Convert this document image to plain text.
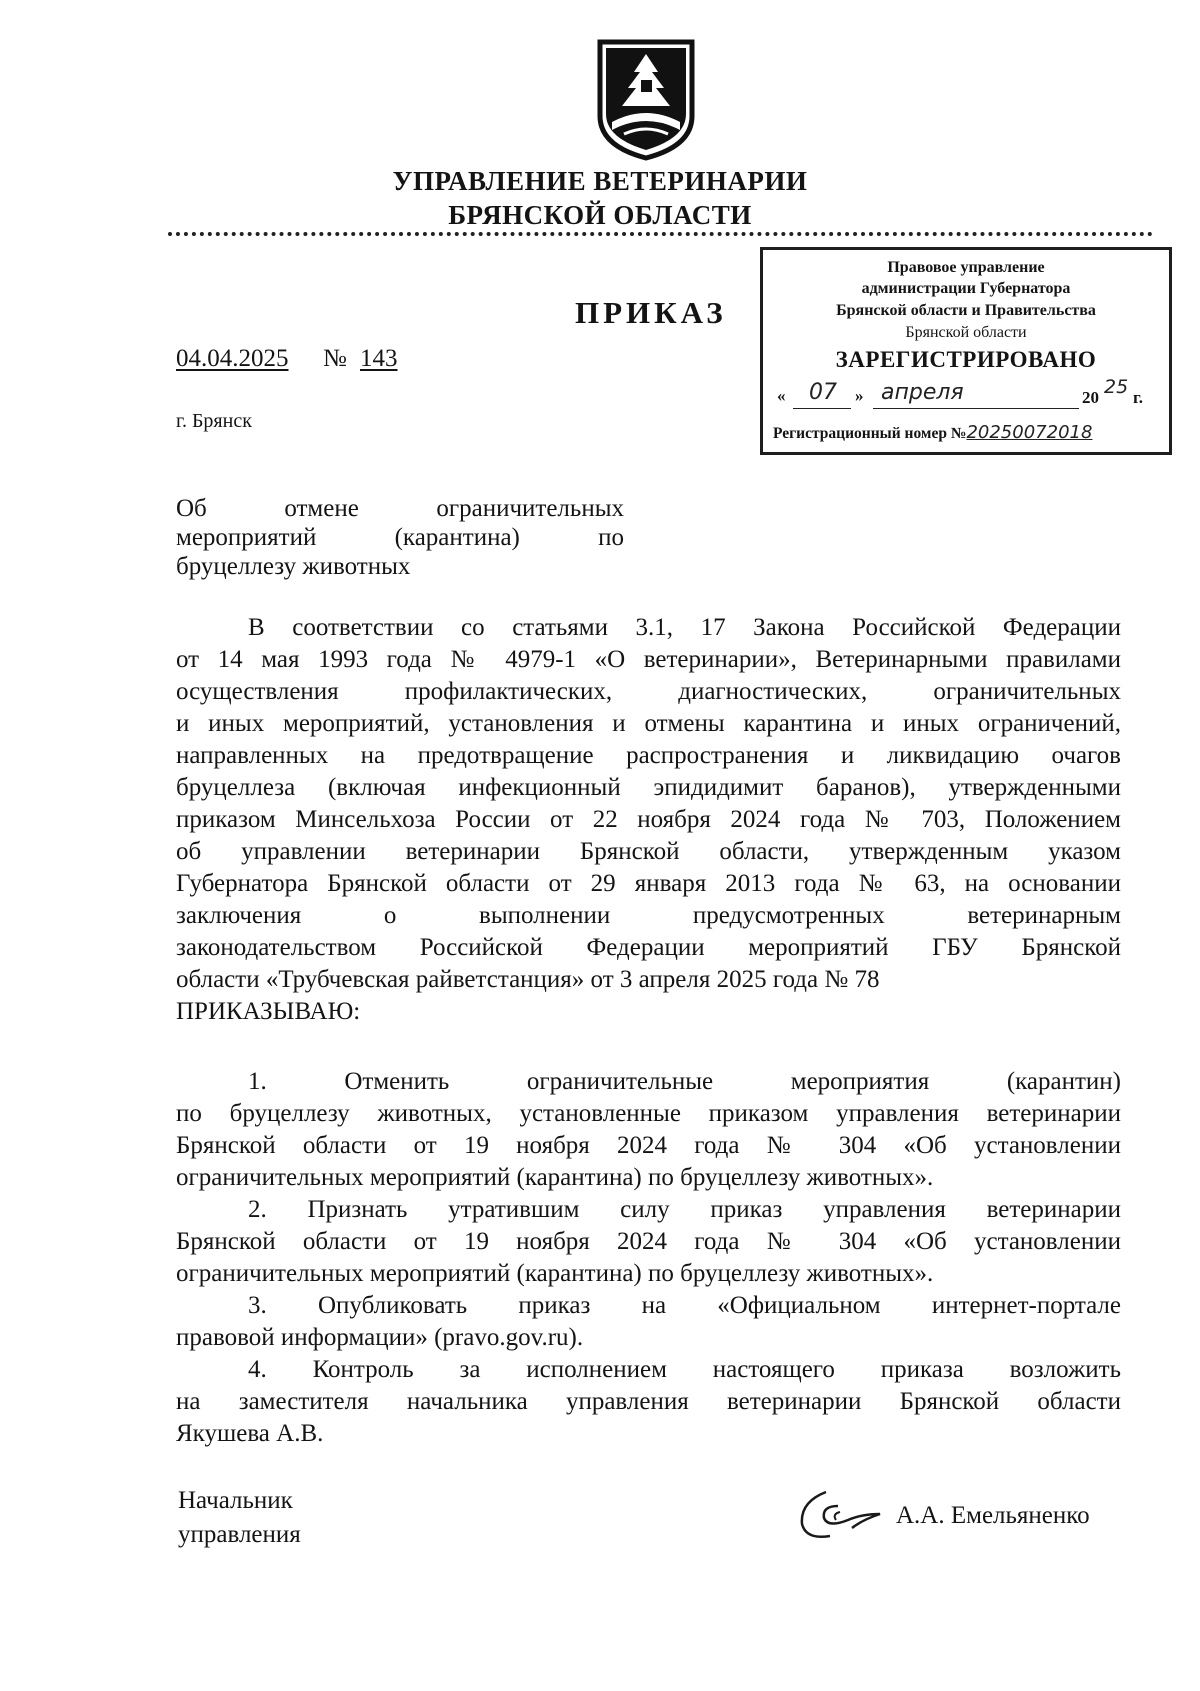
УПРАВЛЕНИЕ ВЕТЕРИНАРИИ
БРЯНСКОЙ ОБЛАСТИ
ПРИКАЗ
04.04.2025 № 143
г. Брянск
Правовое управление
администрации Губернатора
Брянской области и Правительства
Брянской области
ЗАРЕГИСТРИРОВАНО
«	07	» апреля	20 25 г.
Регистрационный номер №20250072018
Об отмене ограничительных
мероприятий (карантина) по
бруцеллезу животных
В соответствии со статьями 3.1, 17 Закона Российской Федерации
от 14 мая 1993 года № 4979-1 «О ветеринарии», Ветеринарными правилами
осуществления профилактических, диагностических, ограничительных
и иных мероприятий, установления и отмены карантина и иных ограничений,
направленных на предотвращение распространения и ликвидацию очагов
бруцеллеза (включая инфекционный эпидидимит баранов), утвержденными
приказом Минсельхоза России от 22 ноября 2024 года № 703, Положением
об управлении ветеринарии Брянской области, утвержденным указом
Губернатора Брянской области от 29 января 2013 года № 63, на основании
заключения о выполнении предусмотренных ветеринарным
законодательством Российской Федерации мероприятий ГБУ Брянской
области «Трубчевская райветстанция» от 3 апреля 2025 года № 78
ПРИКАЗЫВАЮ:
1. Отменить ограничительные мероприятия (карантин)
по бруцеллезу животных, установленные приказом управления ветеринарии
Брянской области от 19 ноября 2024 года № 304 «Об установлении
ограничительных мероприятий (карантина) по бруцеллезу животных».
2. Признать утратившим силу приказ управления ветеринарии
Брянской области от 19 ноября 2024 года № 304 «Об установлении
ограничительных мероприятий (карантина) по бруцеллезу животных».
3. Опубликовать приказ на «Официальном интернет-портале
правовой информации» (pravo.gov.ru).
4. Контроль за исполнением настоящего приказа возложить
на заместителя начальника управления ветеринарии Брянской области
Якушева А.В.
Начальник
управления
А.А. Емельяненко
